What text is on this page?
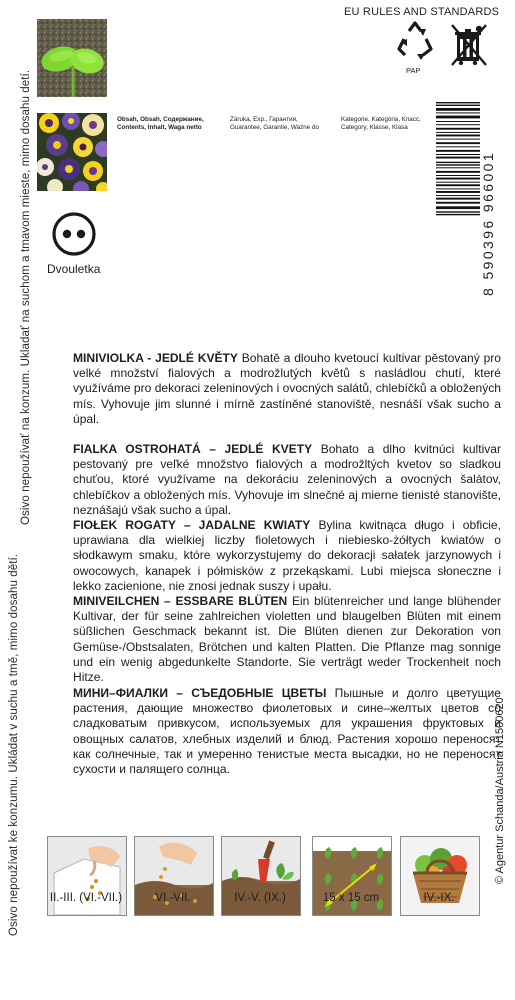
Osivo nepoužívat ke konzumu. Ukládat v suchu a tmě, mimo dosahu dětí.
Osivo nepoužívať na konzum. Ukladať na suchom a tmavom mieste, mimo dosahu detí.
EU RULES AND STANDARDS
PAP
Obsah, Obsah, Содержание,
Contents, Inhalt, Waga netto
Záruka, Exp., Гарантия,
Guarantee, Garantie, Ważne do
Kategorie, Kategória, Класс,
Category, Klasse, Klasa
Dvouletka	8 590396 966001

MINIVIOLKA - JEDLÉ KVĚTY Bohatě a dlouho kvetoucí kultivar pěstovaný pro velké množství fialových a modrožlutých květů s nasládlou chutí, které využíváme pro dekoraci zeleninových i ovocných salátů, chlebíčků a obložených mís. Vyhovuje jim slunné i mírně zastíněné stanoviště, nesnáší však sucho a úpal.

FIALKA OSTROHATÁ – JEDLÉ KVETY Bohato a dlho kvitnúci kultivar pestovaný pre veľké množstvo fialových a modrožltých kvetov so sladkou chuťou, ktoré využívame na dekoráciu zeleninových a ovocných šalátov, chlebíčkov a obložených mís. Vyhovuje im slnečné aj mierne tienisté stanovište, neznášajú však sucho a úpal.

FIOŁEK ROGATY – JADALNE KWIATY Bylina kwitnąca długo i obficie, uprawiana dla wielkiej liczby fioletowych i niebiesko-żółtych kwiatów o słodkawym smaku, które wykorzystujemy do dekoracji sałatek jarzynowych i owocowych, kanapek i półmisków z przekąskami. Lubi miejsca słoneczne i lekko zacienione, nie znosi jednak suszy i upału.

MINIVEILCHEN – ESSBARE BLÜTEN Ein blütenreicher und lange blühender Kultivar, der für seine zahlreichen violetten und blaugelben Blüten mit einem süßlichen Geschmack bekannt ist. Die Blüten dienen zur Dekoration von Gemüse-/Obstsalaten, Brötchen und kalten Platten. Die Pflanze mag sonnige und ein wenig abgedunkelte Standorte. Sie verträgt weder Trockenheit noch Hitze.

МИНИ–ФИАЛКИ – СЪЕДОБНЫЕ ЦВЕТЫ Пышные и долго цветущие растения, дающие множество фиолетовых и сине–желтых цветов со сладковатым привкусом, используемых для украшения фруктовых и овощных салатов, хлебных изделий и блюд. Растения хорошо переносят как солнечные, так и умеренно тенистые места высадки, но не переносят сухости и палящего солнца.

II.-III. (VI.-VII.)	VI.-VII.	IV.-V. (IX.)	15 x 15 cm	IV.-IX.
© Agentur Schanda/Austria N1500620
